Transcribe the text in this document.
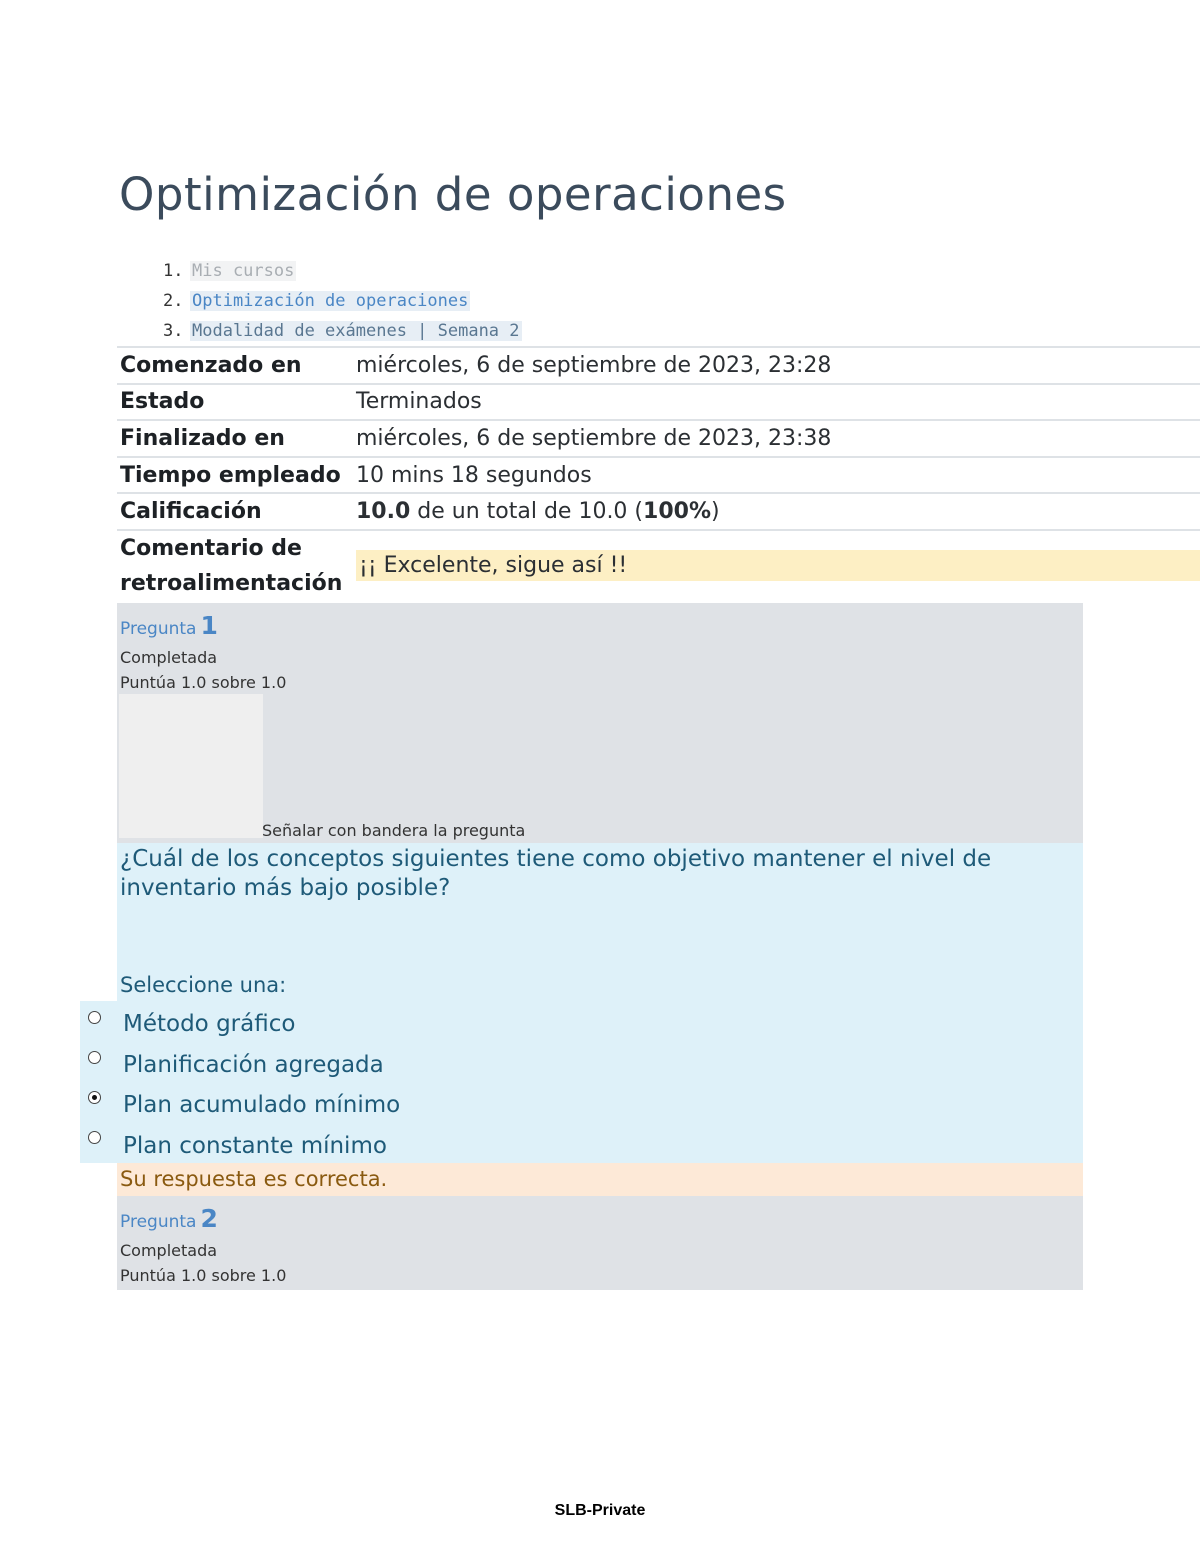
Optimización de operaciones
1. Mis cursos
2. Optimización de operaciones
3. Modalidad de exámenes | Semana 2
Comenzado en	miércoles, 6 de septiembre de 2023, 23:28
Estado	Terminados
Finalizado en	miércoles, 6 de septiembre de 2023, 23:38
Tiempo empleado	10 mins 18 segundos
Calificación	10.0 de un total de 10.0 (100%)
Comentario de
retroalimentación	¡¡ Excelente, sigue así !!
Pregunta 1
Completada
Puntúa 1.0 sobre 1.0
Señalar con bandera la pregunta
¿Cuál de los conceptos siguientes tiene como objetivo mantener el nivel de inventario más bajo posible?
Seleccione una:
Método gráfico
Planificación agregada
Plan acumulado mínimo
Plan constante mínimo
Su respuesta es correcta.
Pregunta 2
Completada
Puntúa 1.0 sobre 1.0
SLB-Private
